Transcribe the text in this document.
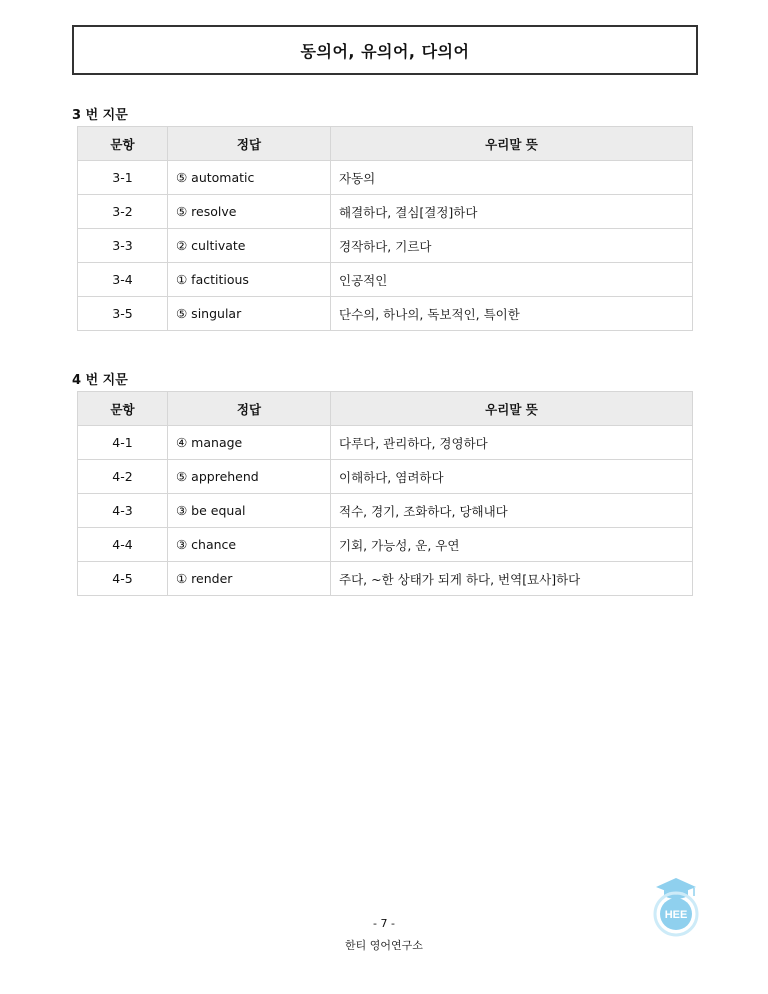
동의어, 유의어, 다의어
3 번 지문
문항	정답	우리말 뜻
3-1	⑤ automatic	자동의
3-2	⑤ resolve	해결하다, 결심[결정]하다
3-3	② cultivate	경작하다, 기르다
3-4	① factitious	인공적인
3-5	⑤ singular	단수의, 하나의, 독보적인, 특이한
4 번 지문
문항	정답	우리말 뜻
4-1	④ manage	다루다, 관리하다, 경영하다
4-2	⑤ apprehend	이해하다, 염려하다
4-3	③ be equal	적수, 경기, 조화하다, 당해내다
4-4	③ chance	기회, 가능성, 운, 우연
4-5	① render	주다, ~한 상태가 되게 하다, 번역[묘사]하다
HEE
- 7 -
한티 영어연구소
